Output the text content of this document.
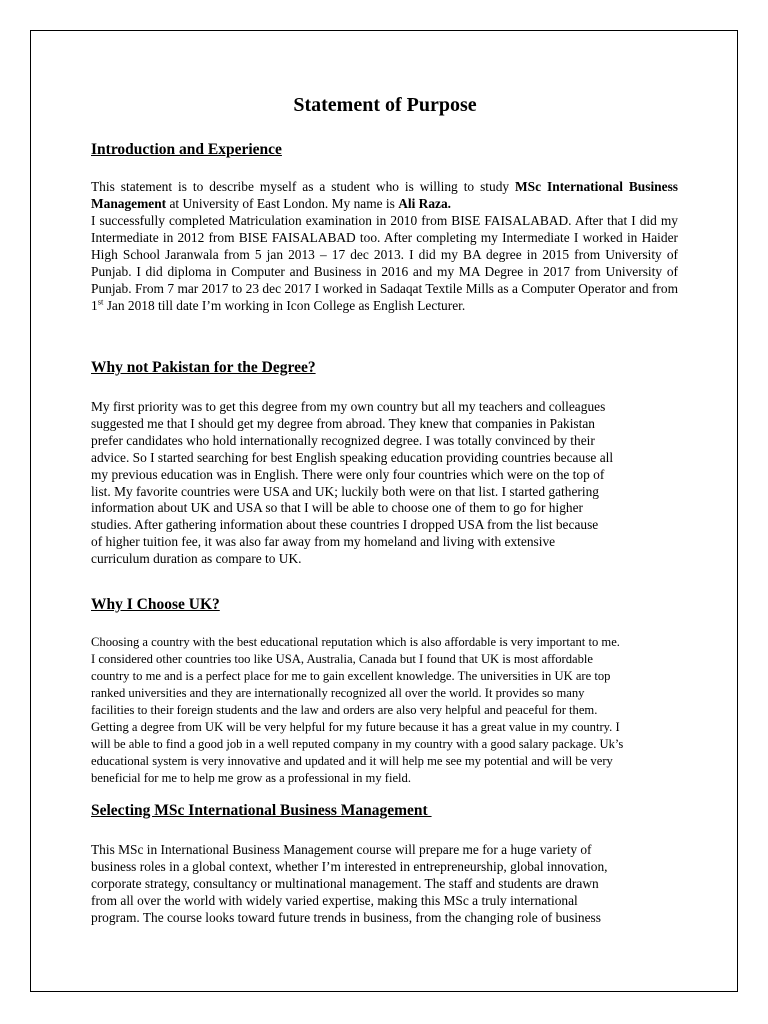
Statement of Purpose
Introduction and Experience

This statement is to describe myself as a student who is willing to study MSc International Business Management at University of East London. My name is Ali Raza.

I successfully completed Matriculation examination in 2010 from BISE FAISALABAD. After that I did my Intermediate in 2012 from BISE FAISALABAD too. After completing my Intermediate I worked in Haider High School Jaranwala from 5 jan 2013 – 17 dec 2013. I did my BA degree in 2015 from University of Punjab. I did diploma in Computer and Business in 2016 and my MA Degree in 2017 from University of Punjab. From 7 mar 2017 to 23 dec 2017 I worked in Sadaqat Textile Mills as a Computer Operator and from 1st Jan 2018 till date I’m working in Icon College as English Lecturer.

Why not Pakistan for the Degree?

My first priority was to get this degree from my own country but all my teachers and colleagues
suggested me that I should get my degree from abroad. They knew that companies in Pakistan
prefer candidates who hold internationally recognized degree. I was totally convinced by their
advice. So I started searching for best English speaking education providing countries because all
my previous education was in English. There were only four countries which were on the top of
list. My favorite countries were USA and UK; luckily both were on that list. I started gathering
information about UK and USA so that I will be able to choose one of them to go for higher
studies. After gathering information about these countries I dropped USA from the list because
of higher tuition fee, it was also far away from my homeland and living with extensive
curriculum duration as compare to UK.

Why I Choose UK?

Choosing a country with the best educational reputation which is also affordable is very important to me.
I considered other countries too like USA, Australia, Canada but I found that UK is most affordable
country to me and is a perfect place for me to gain excellent knowledge. The universities in UK are top
ranked universities and they are internationally recognized all over the world. It provides so many
facilities to their foreign students and the law and orders are also very helpful and peaceful for them.
Getting a degree from UK will be very helpful for my future because it has a great value in my country. I
will be able to find a good job in a well reputed company in my country with a good salary package. Uk’s
educational system is very innovative and updated and it will help me see my potential and will be very
beneficial for me to help me grow as a professional in my field.

Selecting MSc International Business Management

This MSc in International Business Management course will prepare me for a huge variety of
business roles in a global context, whether I’m interested in entrepreneurship, global innovation,
corporate strategy, consultancy or multinational management. The staff and students are drawn
from all over the world with widely varied expertise, making this MSc a truly international
program. The course looks toward future trends in business, from the changing role of business
